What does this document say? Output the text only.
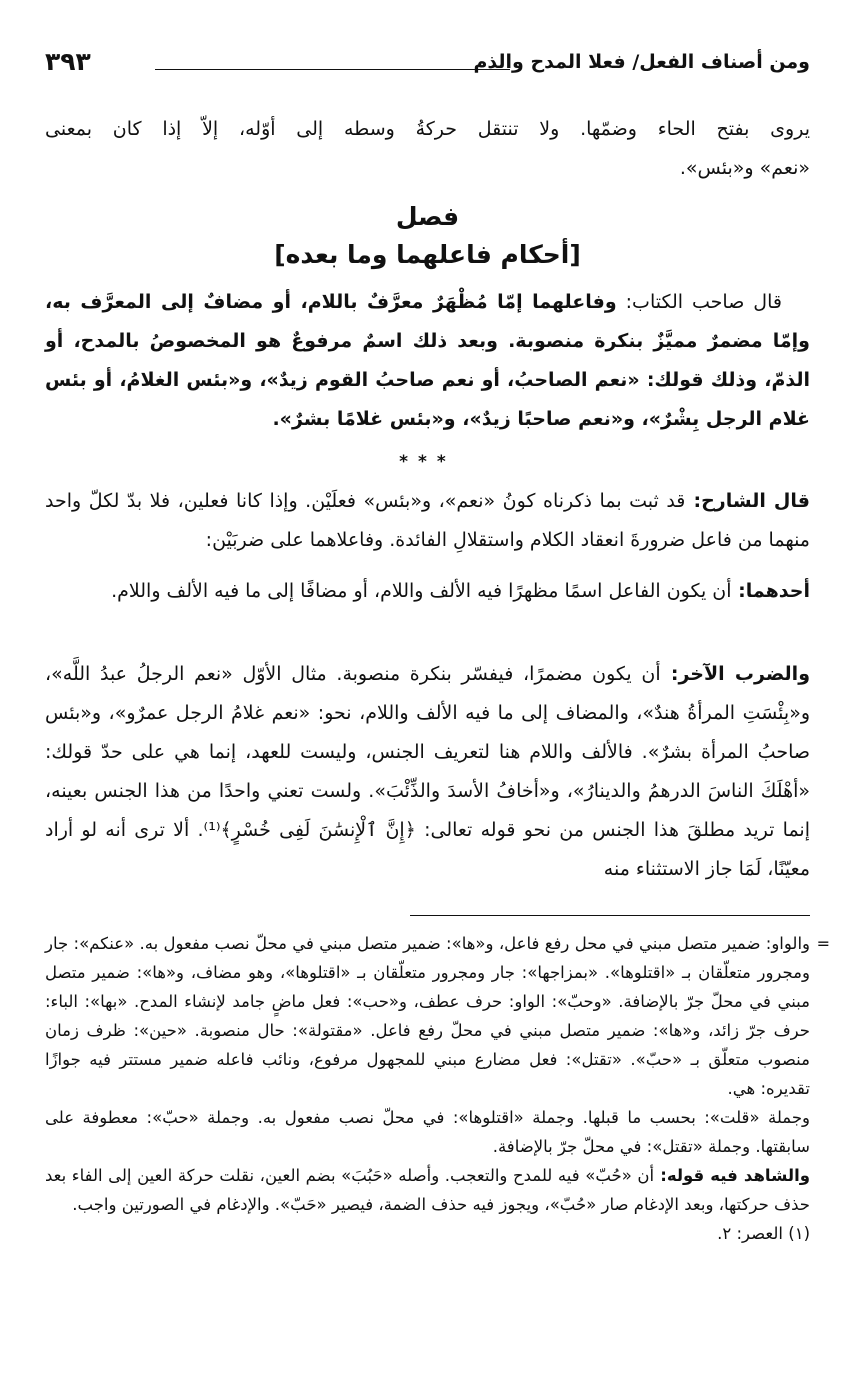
ومن أصناف الفعل/ فعلا المدح والذم
٣٩٣

يروى بفتح الحاء وضمّها. ولا تنتقل حركةُ وسطه إلى أوّله، إلاّ إذا كان بمعنى

«نعم» و«بئس».

فصل

[أحكام فاعلهما وما بعده]

قال صاحب الكتاب: وفاعلهما إمّا مُظْهَرٌ معرَّفٌ باللام، أو مضافٌ إلى المعرَّف به، وإمّا مضمرٌ مميَّزٌ بنكرة منصوبة. وبعد ذلك اسمٌ مرفوعٌ هو المخصوصُ بالمدح، أو الذمّ، وذلك قولك: «نعم الصاحبُ، أو نعم صاحبُ القوم زيدٌ»، و«بئس الغلامُ، أو بئس غلام الرجل بِشْرٌ»، و«نعم صاحبًا زيدٌ»، و«بئس غلامًا بشرٌ».

***

قال الشارح: قد ثبت بما ذكرناه كونُ «نعم»، و«بئس» فعلَيْن. وإذا كانا فعلين، فلا بدّ لكلّ واحد منهما من فاعل ضرورةَ انعقاد الكلام واستقلالِ الفائدة. وفاعلاهما على ضربَيْن:

أحدهما: أن يكون الفاعل اسمًا مظهرًا فيه الألف واللام، أو مضافًا إلى ما فيه الألف واللام.

والضرب الآخر: أن يكون مضمرًا، فيفسّر بنكرة منصوبة. مثال الأوّل «نعم الرجلُ عبدُ اللَّه»، و«بِئْسَتِ المرأةُ هندٌ»، والمضاف إلى ما فيه الألف واللام، نحو: «نعم غلامُ الرجل عمرٌو»، و«بئس صاحبُ المرأة بشرٌ». فالألف واللام هنا لتعريف الجنس، وليست للعهد، إنما هي على حدّ قولك: «أهْلَكَ الناسَ الدرهمُ والدينارُ»، و«أخافُ الأسدَ والذِّئْبَ». ولست تعني واحدًا من هذا الجنس بعينه، إنما تريد مطلقَ هذا الجنس من نحو قوله تعالى: ﴿إِنَّ ٱلْإِنسَٰنَ لَفِى خُسْرٍ﴾⁽¹⁾. ألا ترى أنه لو أراد معيّنًا، لَمَا جاز الاستثناء منه

=

والواو: ضمير متصل مبني في محل رفع فاعل، و«ها»: ضمير متصل مبني في محلّ نصب مفعول به. «عنكم»: جار ومجرور متعلّقان بـ «اقتلوها». «بمزاجها»: جار ومجرور متعلّقان بـ «اقتلوها»، وهو مضاف، و«ها»: ضمير متصل مبني في محلّ جرّ بالإضافة. «وحبّ»: الواو: حرف عطف، و«حب»: فعل ماضٍ جامد لإنشاء المدح. «بها»: الباء: حرف جرّ زائد، و«ها»: ضمير متصل مبني في محلّ رفع فاعل. «مقتولة»: حال منصوبة. «حين»: ظرف زمان منصوب متعلّق بـ «حبّ». «تقتل»: فعل مضارع مبني للمجهول مرفوع، ونائب فاعله ضمير مستتر فيه جوازًا تقديره: هي.

وجملة «قلت»: بحسب ما قبلها. وجملة «اقتلوها»: في محلّ نصب مفعول به. وجملة «حبّ»: معطوفة على سابقتها. وجملة «تقتل»: في محلّ جرّ بالإضافة.

والشاهد فيه قوله: أن «حُبّ» فيه للمدح والتعجب. وأصله «حَبُبَ» بضم العين، نقلت حركة العين إلى الفاء بعد حذف حركتها، وبعد الإدغام صار «حُبّ»، ويجوز فيه حذف الضمة، فيصير «حَبّ». والإدغام في الصورتين واجب.

(١) العصر: ٢.
